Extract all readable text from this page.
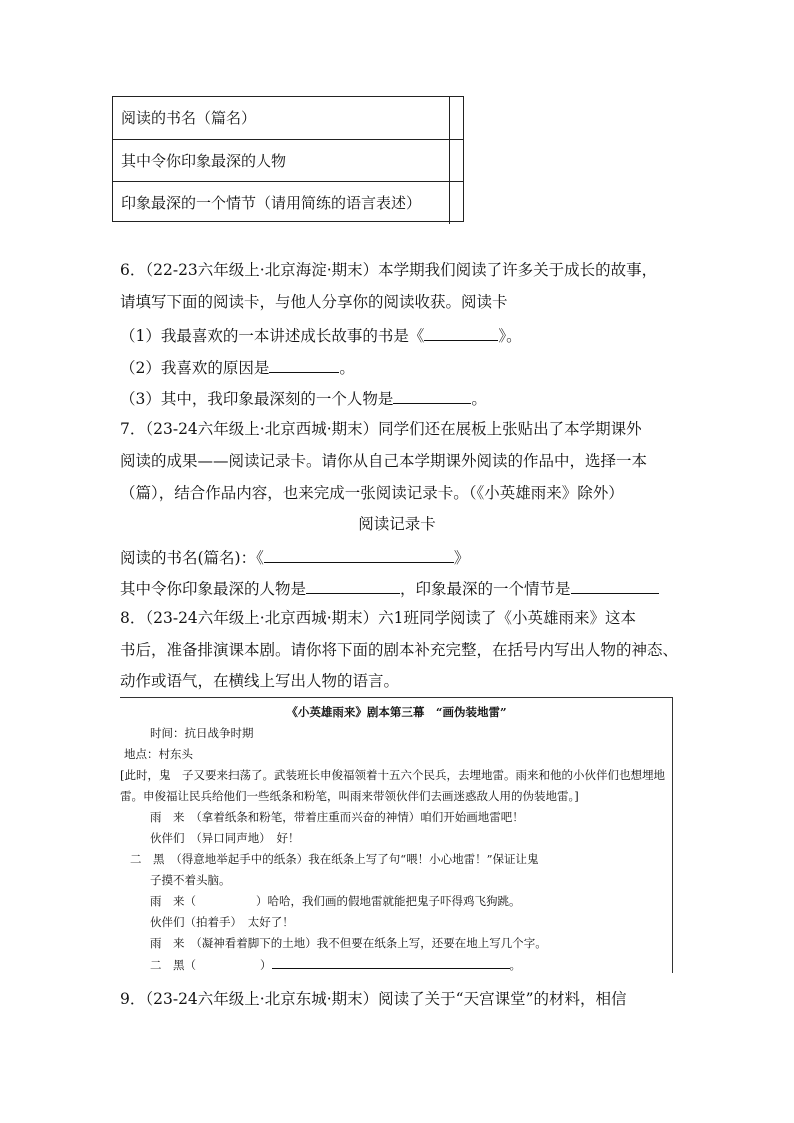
阅读的书名（篇名）
其中令你印象最深的人物
印象最深的一个情节（请用简练的语言表述）
6．（22-23六年级上·北京海淀·期末）本学期我们阅读了许多关于成长的故事，
请填写下面的阅读卡，与他人分享你的阅读收获。阅读卡
（1）我最喜欢的一本讲述成长故事的书是《	》。
（2）我喜欢的原因是	。
（3）其中，我印象最深刻的一个人物是	。
7．（23-24六年级上·北京西城·期末）同学们还在展板上张贴出了本学期课外
阅读的成果——阅读记录卡。请你从自己本学期课外阅读的作品中，选择一本
（篇），结合作品内容，也来完成一张阅读记录卡。（《小英雄雨来》除外）
阅读记录卡
阅读的书名(篇名)：《	》
其中令你印象最深的人物是	，印象最深的一个情节是
8．（23-24六年级上·北京西城·期末）六1班同学阅读了《小英雄雨来》这本
书后，准备排演课本剧。请你将下面的剧本补充完整，在括号内写出人物的神态、
动作或语气，在横线上写出人物的语言。
《小英雄雨来》剧本第三幕　“画伪装地雷”
时间：抗日战争时期
地点：村东头
[此时，鬼　子又要来扫荡了。武装班长申俊福领着十五六个民兵，去埋地雷。雨来和他的小伙伴们也想埋地
雷。申俊福让民兵给他们一些纸条和粉笔，叫雨来带领伙伴们去画迷惑敌人用的伪装地雷。]
雨　来　（拿着纸条和粉笔，带着庄重而兴奋的神情）咱们开始画地雷吧！
伙伴们　（异口同声地）　好！
二　黑　（得意地举起手中的纸条）我在纸条上写了句“喂！小心地雷！”保证让鬼
子摸不着头脑。
雨　来（	）哈哈，我们画的假地雷就能把鬼子吓得鸡飞狗跳。
伙伴们（拍着手）　太好了！
雨　来　（凝神看着脚下的土地）我不但要在纸条上写，还要在地上写几个字。
二　黑（	）	。
9．（23-24六年级上·北京东城·期末）阅读了关于“天宫课堂”的材料，相信
